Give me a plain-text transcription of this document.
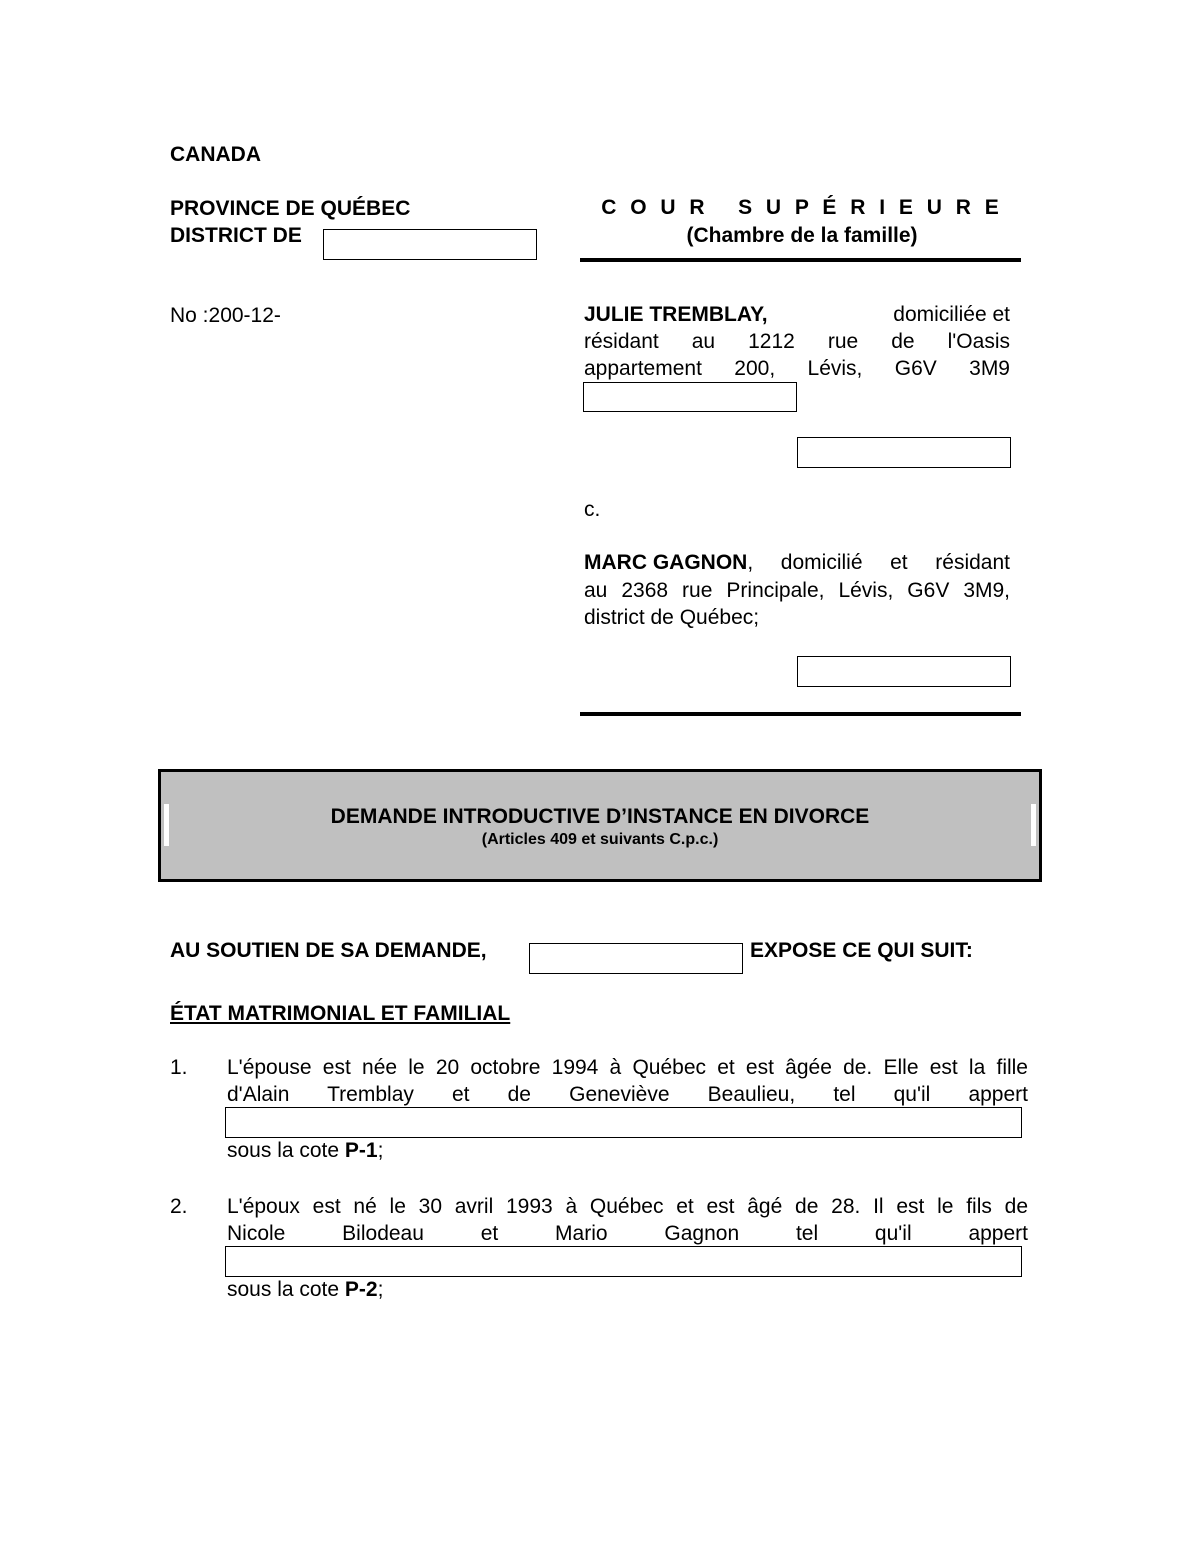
CANADA
PROVINCE DE QUÉBEC
DISTRICT DE
No :200-12-
C O U R   S U P É R I E U R E
(Chambre de la famille)
JULIE TREMBLAY,	domiciliée et
résidant au 1212 rue de l'Oasis
appartement 200, Lévis, G6V 3M9
c.
MARC GAGNON , domicilié et résidant
au 2368 rue Principale, Lévis, G6V 3M9,
district de Québec;
DEMANDE INTRODUCTIVE D’INSTANCE EN DIVORCE
(Articles 409 et suivants C.p.c.)
AU SOUTIEN DE SA DEMANDE,	EXPOSE CE QUI SUIT:
ÉTAT MATRIMONIAL ET FAMILIAL
1. L'épouse est née le 20 octobre 1994 à Québec et est âgée de. Elle est la fille
d'Alain Tremblay et de Geneviève Beaulieu, tel qu'il appert
sous la cote P-1;
2. L'époux est né le 30 avril 1993 à Québec et est âgé de 28. Il est le fils de
Nicole Bilodeau et Mario Gagnon tel qu'il appert
sous la cote P-2;
